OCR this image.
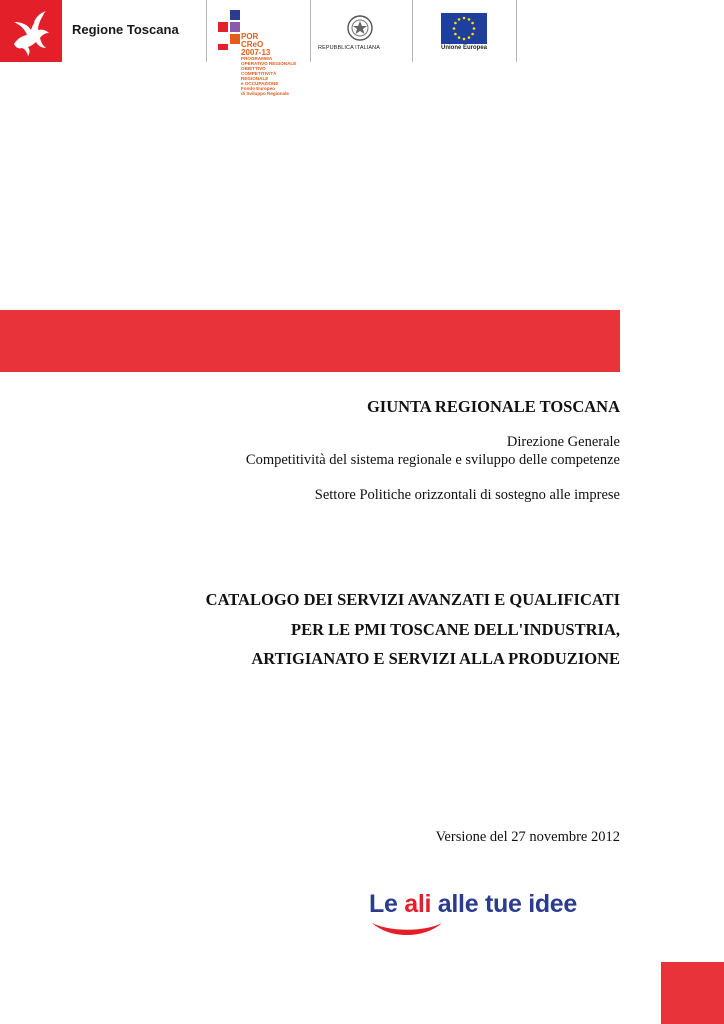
Regione Toscana	POR
CReO
2007-13
PROGRAMMA
OPERATIVO REGIONALE
OBIETTIVO
COMPETITIVITÀ
REGIONALE
e OCCUPAZIONE
Fondo Europeo
di Sviluppo Regionale
REPUBBLICA ITALIANA	Unione Europea
GIUNTA REGIONALE TOSCANA
Direzione Generale
Competitività del sistema regionale e sviluppo delle competenze
Settore Politiche orizzontali di sostegno alle imprese
CATALOGO DEI SERVIZI AVANZATI E QUALIFICATI
PER LE PMI TOSCANE DELL'INDUSTRIA,
ARTIGIANATO E SERVIZI ALLA PRODUZIONE
Versione del 27 novembre 2012
Le ali alle tue idee
